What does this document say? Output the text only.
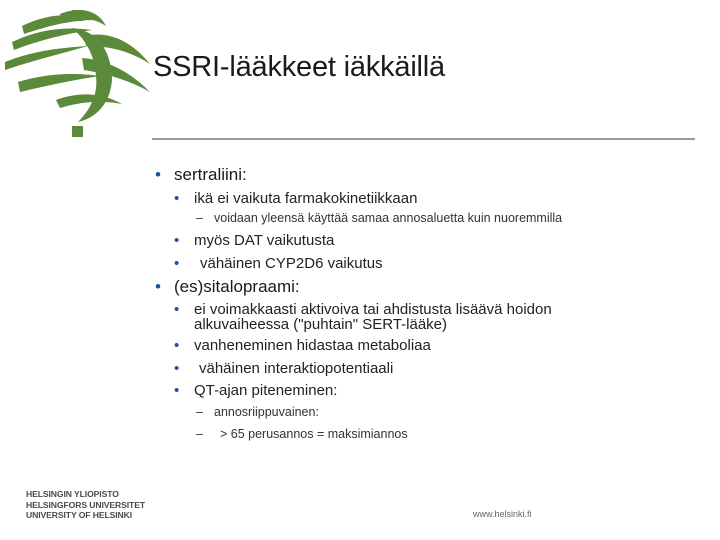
SSRI-lääkkeet iäkkäillä
• sertraliini:
• ikä ei vaikuta farmakokinetiikkaan
– voidaan yleensä käyttää samaa annosaluetta kuin nuoremmilla
• myös DAT vaikutusta
• vähäinen CYP2D6 vaikutus
• (es)sitalopraami:
• ei voimakkaasti aktivoiva tai ahdistusta lisäävä hoidon
alkuvaiheessa ("puhtain" SERT-lääke)
• vanheneminen hidastaa metaboliaa
• vähäinen interaktiopotentiaali
• QT-ajan piteneminen:
– annosriippuvainen:
– > 65 perusannos = maksimiannos
HELSINGIN YLIOPISTO
HELSINGFORS UNIVERSITET
UNIVERSITY OF HELSINKI	www.helsinki.fi
